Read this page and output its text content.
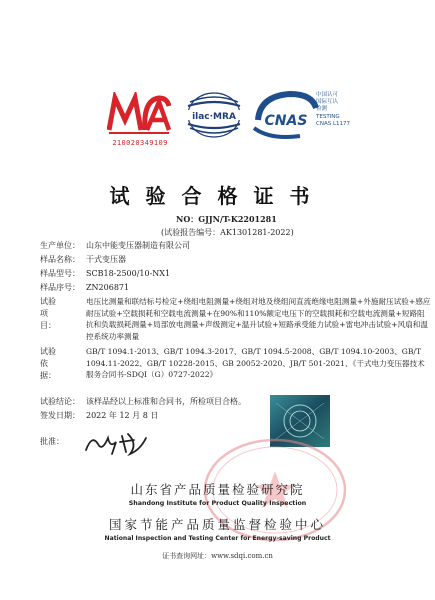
210020349109
ilac·MRA CNAS
中国认可
国际互认
检测
TESTING
CNAS L1177
试验合格证书
NO：GJJN/T-K2201281
(试验报告编号：AK1301281-2022)
生产单位： 山东中能变压器制造有限公司
样品名称： 干式变压器
样品型号： SCB18-2500/10-NX1
样品序号： ZN206871
试验项目：
电压比测量和联结标号检定+绕组电阻测量+绕组对地及绕组间直流绝缘电阻测量+外施耐压试验+感应耐压试验+空载损耗和空载电流测量+在90%和110%额定电压下的空载损耗和空载电流测量+短路阻抗和负载损耗测量+局部放电测量+声级测定+温升试验+短路承受能力试验+雷电冲击试验+风扇和温控系统功率测量
试验依据：
GB/T 1094.1-2013、GB/T 1094.3-2017、GB/T 1094.5-2008、GB/T 1094.10-2003、GB/T 1094.11-2022、GB/T 10228-2015、GB 20052-2020、JB/T 501-2021、《干式电力变压器技术服务合同书-SDQI（G）0727-2022》
试验结论： 该样品经以上标准和合同书，所检项目合格。
签发日期： 2022 年 12 月 8 日
批准：
山东省产品质量检验研究院
Shandong Institute for Product Quality Inspection
国家节能产品质量监督检验中心
National Inspection and Testing Center for Energy-saving Product
证书查询网址：www.sdqi.com.cn
